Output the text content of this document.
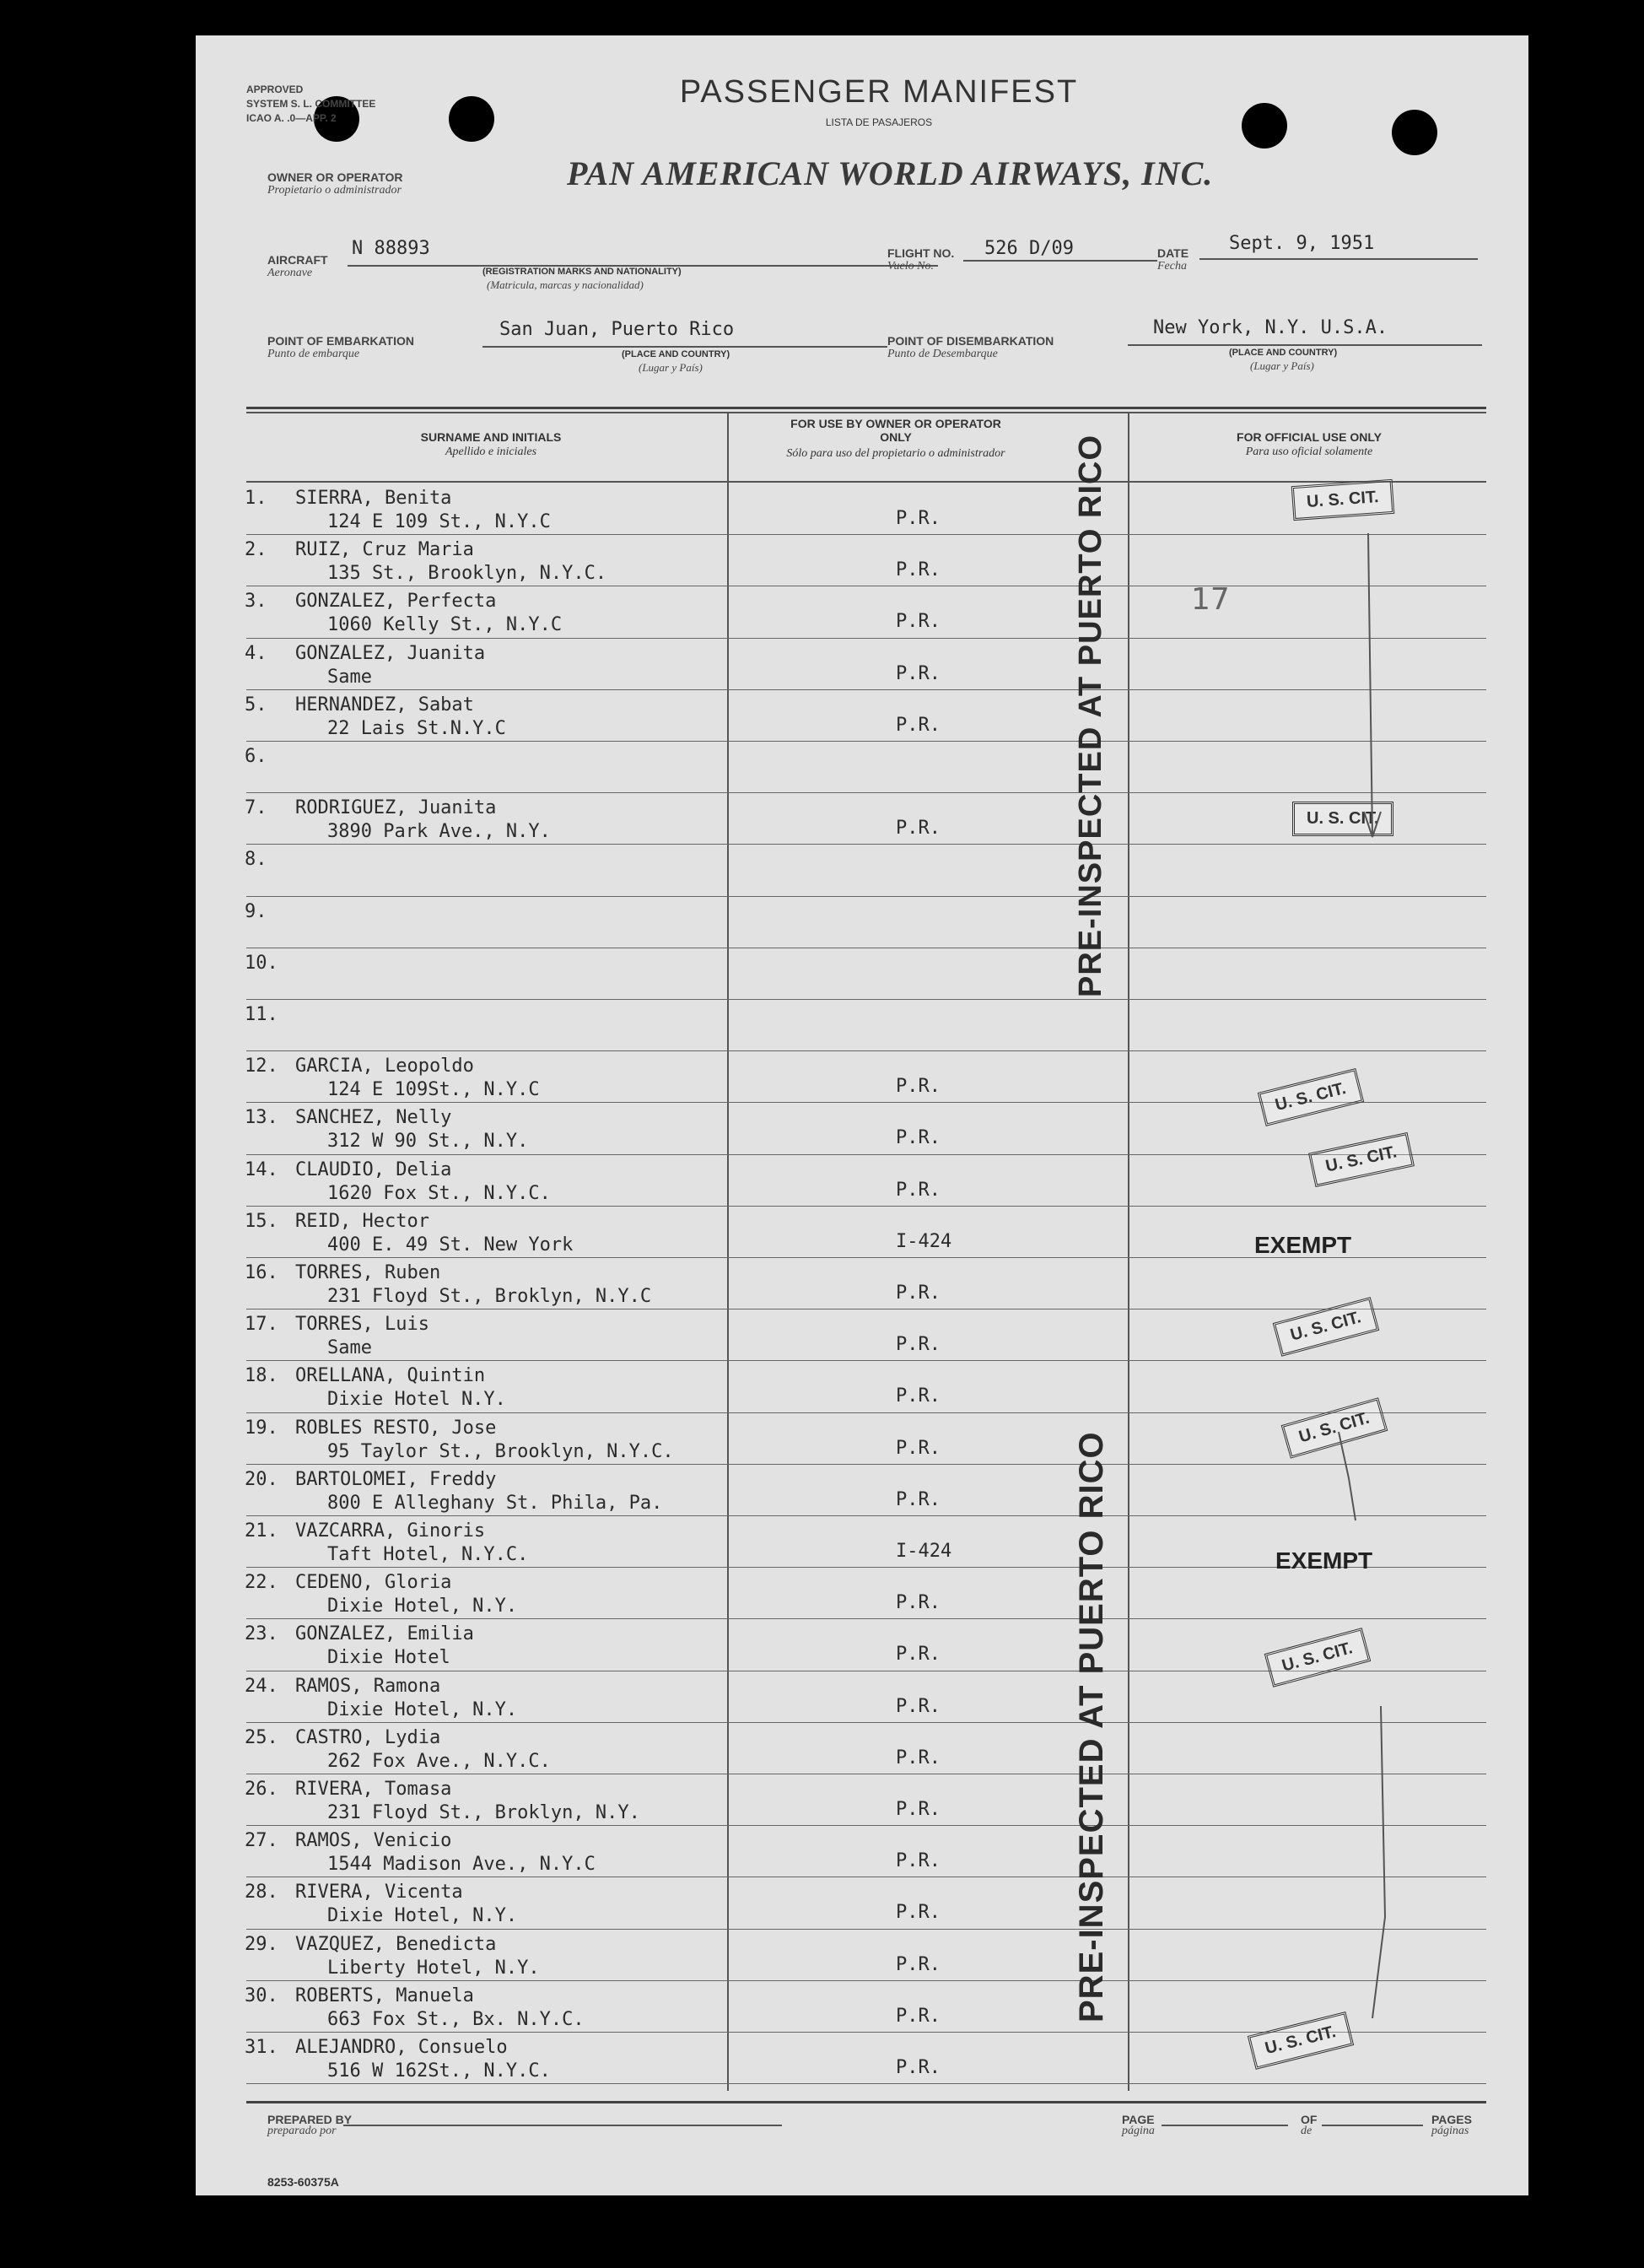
APPROVED
SYSTEM S. L. COMMITTEE
ICAO A. .0—APP. 2
PASSENGER MANIFEST
LISTA DE PASAJEROS
OWNER OR OPERATOR
Propietario o administrador	PAN AMERICAN WORLD AIRWAYS, INC.
AIRCRAFT
Aeronave
N 88893
(REGISTRATION MARKS AND NATIONALITY)
(Matricula, marcas y nacionalidad)
FLIGHT NO.
Vuelo No.
526 D/09	DATE
Fecha
Sept. 9, 1951
POINT OF EMBARKATION
Punto de embarque
San Juan, Puerto Rico
(PLACE AND COUNTRY)
(Lugar y País)
POINT OF DISEMBARKATION
Punto de Desembarque
New York, N.Y. U.S.A.
(PLACE AND COUNTRY)
(Lugar y País)
SURNAME AND INITIALS
Apellido e iniciales
FOR USE BY OWNER OR OPERATOR ONLY
Sólo para uso del propietario o administrador
FOR OFFICIAL USE ONLY
Para uso oficial solamente
1. SIERRA, Benita
124 E 109 St., N.Y.C	P.R.
2. RUIZ, Cruz Maria
135 St., Brooklyn, N.Y.C.	P.R.
3. GONZALEZ, Perfecta
1060 Kelly St., N.Y.C	P.R.
4. GONZALEZ, Juanita
Same	P.R.
5. HERNANDEZ, Sabat
22 Lais St.N.Y.C	P.R.
6.
7. RODRIGUEZ, Juanita
3890 Park Ave., N.Y.	P.R.
8.
9.
10.
11.
12. GARCIA, Leopoldo
124 E 109St., N.Y.C	P.R.
13. SANCHEZ, Nelly
312 W 90 St., N.Y.	P.R.
14. CLAUDIO, Delia
1620 Fox St., N.Y.C.	P.R.
15. REID, Hector
400 E. 49 St. New York	I-424
16. TORRES, Ruben
231 Floyd St., Broklyn, N.Y.C	P.R.
17. TORRES, Luis
Same	P.R.
18. ORELLANA, Quintin
Dixie Hotel N.Y.	P.R.
19. ROBLES RESTO, Jose
95 Taylor St., Brooklyn, N.Y.C.	P.R.
20. BARTOLOMEI, Freddy
800 E Alleghany St. Phila, Pa.	P.R.
21. VAZCARRA, Ginoris
Taft Hotel, N.Y.C.	I-424
22. CEDENO, Gloria
Dixie Hotel, N.Y.	P.R.
23. GONZALEZ, Emilia
Dixie Hotel	P.R.
24. RAMOS, Ramona
Dixie Hotel, N.Y.	P.R.
25. CASTRO, Lydia
262 Fox Ave., N.Y.C.	P.R.
26. RIVERA, Tomasa
231 Floyd St., Broklyn, N.Y.	P.R.
27. RAMOS, Venicio
1544 Madison Ave., N.Y.C	P.R.
28. RIVERA, Vicenta
Dixie Hotel, N.Y.	P.R.
29. VAZQUEZ, Benedicta
Liberty Hotel, N.Y.	P.R.
30. ROBERTS, Manuela
663 Fox St., Bx. N.Y.C.	P.R.
31. ALEJANDRO, Consuelo
516 W 162St., N.Y.C.	P.R.
PRE-INSPECTED AT PUERTO RICO
PRE-INSPECTED AT PUERTO RICO
17
U. S. CIT.
U. S. CIT.
U. S. CIT.
U. S. CIT.
U. S. CIT.
U. S. CIT.
U. S. CIT.
U. S. CIT.
EXEMPT
EXEMPT
PREPARED BY
preparado por
PAGE
página
OF
de
PAGES
páginas
8253-60375A
